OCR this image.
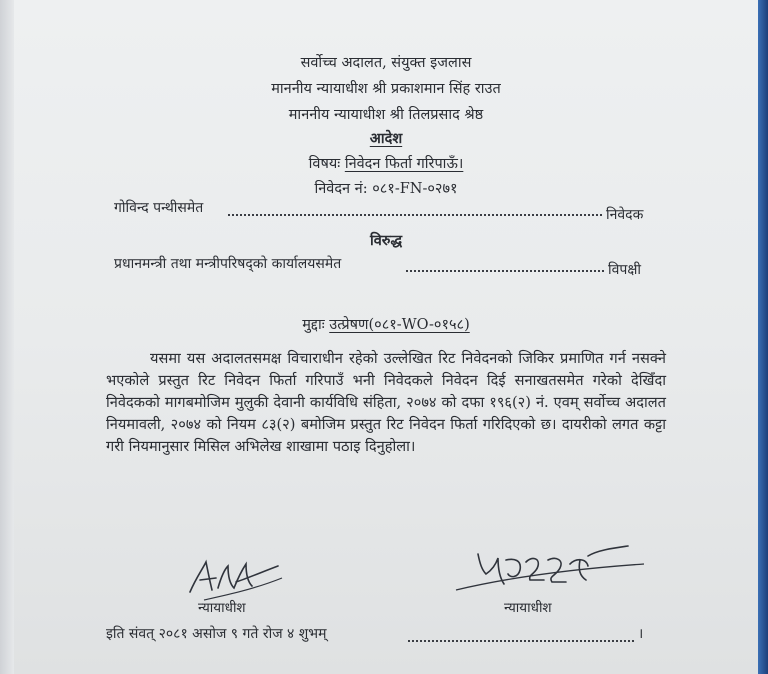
सर्वोच्च अदालत, संयुक्त इजलास
माननीय न्यायाधीश श्री प्रकाशमान सिंह राउत
माननीय न्यायाधीश श्री तिलप्रसाद श्रेष्ठ
आदेश
विषयः निवेदन फिर्ता गरिपाऊँ।
निवेदन नं: ०८१-FN-०२७१
गोविन्द पन्थीसमेत	निवेदक
विरुद्ध
प्रधानमन्त्री तथा मन्त्रीपरिषद्को कार्यालयसमेत	विपक्षी
मुद्दाः उत्प्रेषण(०८१-WO-०१५८)

यसमा यस अदालतसमक्ष विचाराधीन रहेको उल्लेखित रिट निवेदनको जिकिर प्रमाणित गर्न नसक्ने भएकोले प्रस्तुत रिट निवेदन फिर्ता गरिपाउँ भनी निवेदकले निवेदन दिई सनाखतसमेत गरेको देखिँदा निवेदकको मागबमोजिम मुलुकी देवानी कार्यविधि संहिता, २०७४ को दफा १९६(२) नं. एवम् सर्वोच्च अदालत नियमावली, २०७४ को नियम ८३(२) बमोजिम प्रस्तुत रिट निवेदन फिर्ता गरिदिएको छ। दायरीको लगत कट्टा गरी नियमानुसार मिसिल अभिलेख शाखामा पठाइ दिनुहोला।

न्यायाधीश	न्यायाधीश
इति संवत् २०८१ असोज ९ गते रोज ४ शुभम्	।
